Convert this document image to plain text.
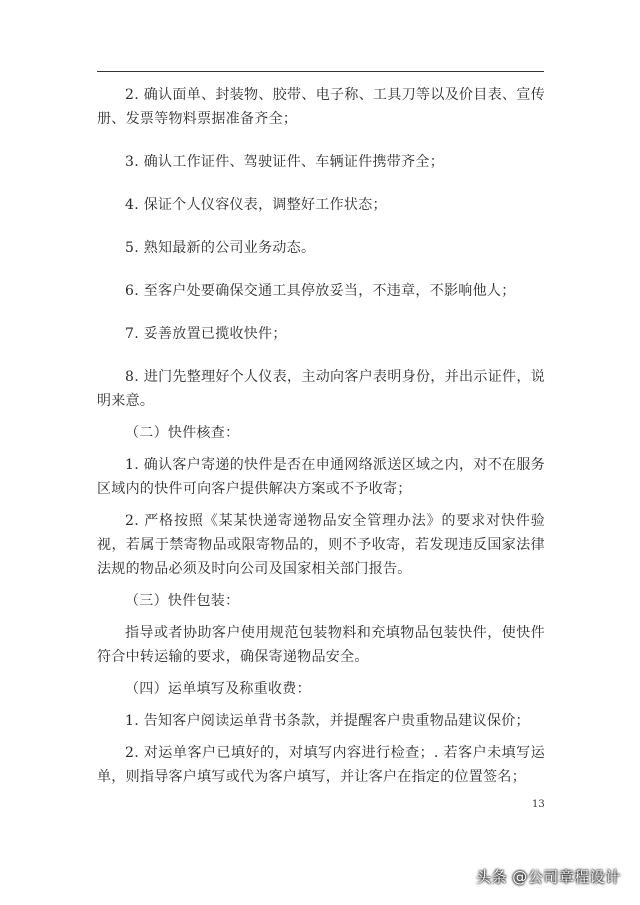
2. 确认面单、封装物、胶带、电子称、工具刀等以及价目表、宣传册、发票等物料票据准备齐全；

3. 确认工作证件、驾驶证件、车辆证件携带齐全；

4. 保证个人仪容仪表，调整好工作状态；

5. 熟知最新的公司业务动态。

6. 至客户处要确保交通工具停放妥当，不违章，不影响他人；

7. 妥善放置已揽收快件；

8. 进门先整理好个人仪表，主动向客户表明身份，并出示证件，说明来意。

（二）快件核查：

1. 确认客户寄递的快件是否在申通网络派送区域之内，对不在服务区域内的快件可向客户提供解决方案或不予收寄；

2. 严格按照《某某快递寄递物品安全管理办法》的要求对快件验视，若属于禁寄物品或限寄物品的，则不予收寄，若发现违反国家法律法规的物品必须及时向公司及国家相关部门报告。

（三）快件包装：

指导或者协助客户使用规范包装物料和充填物品包装快件，使快件符合中转运输的要求，确保寄递物品安全。

（四）运单填写及称重收费：

1. 告知客户阅读运单背书条款，并提醒客户贵重物品建议保价；

2. 对运单客户已填好的，对填写内容进行检查；. 若客户未填写运单，则指导客户填写或代为客户填写，并让客户在指定的位置签名；

13
头条 @公司章程设计
